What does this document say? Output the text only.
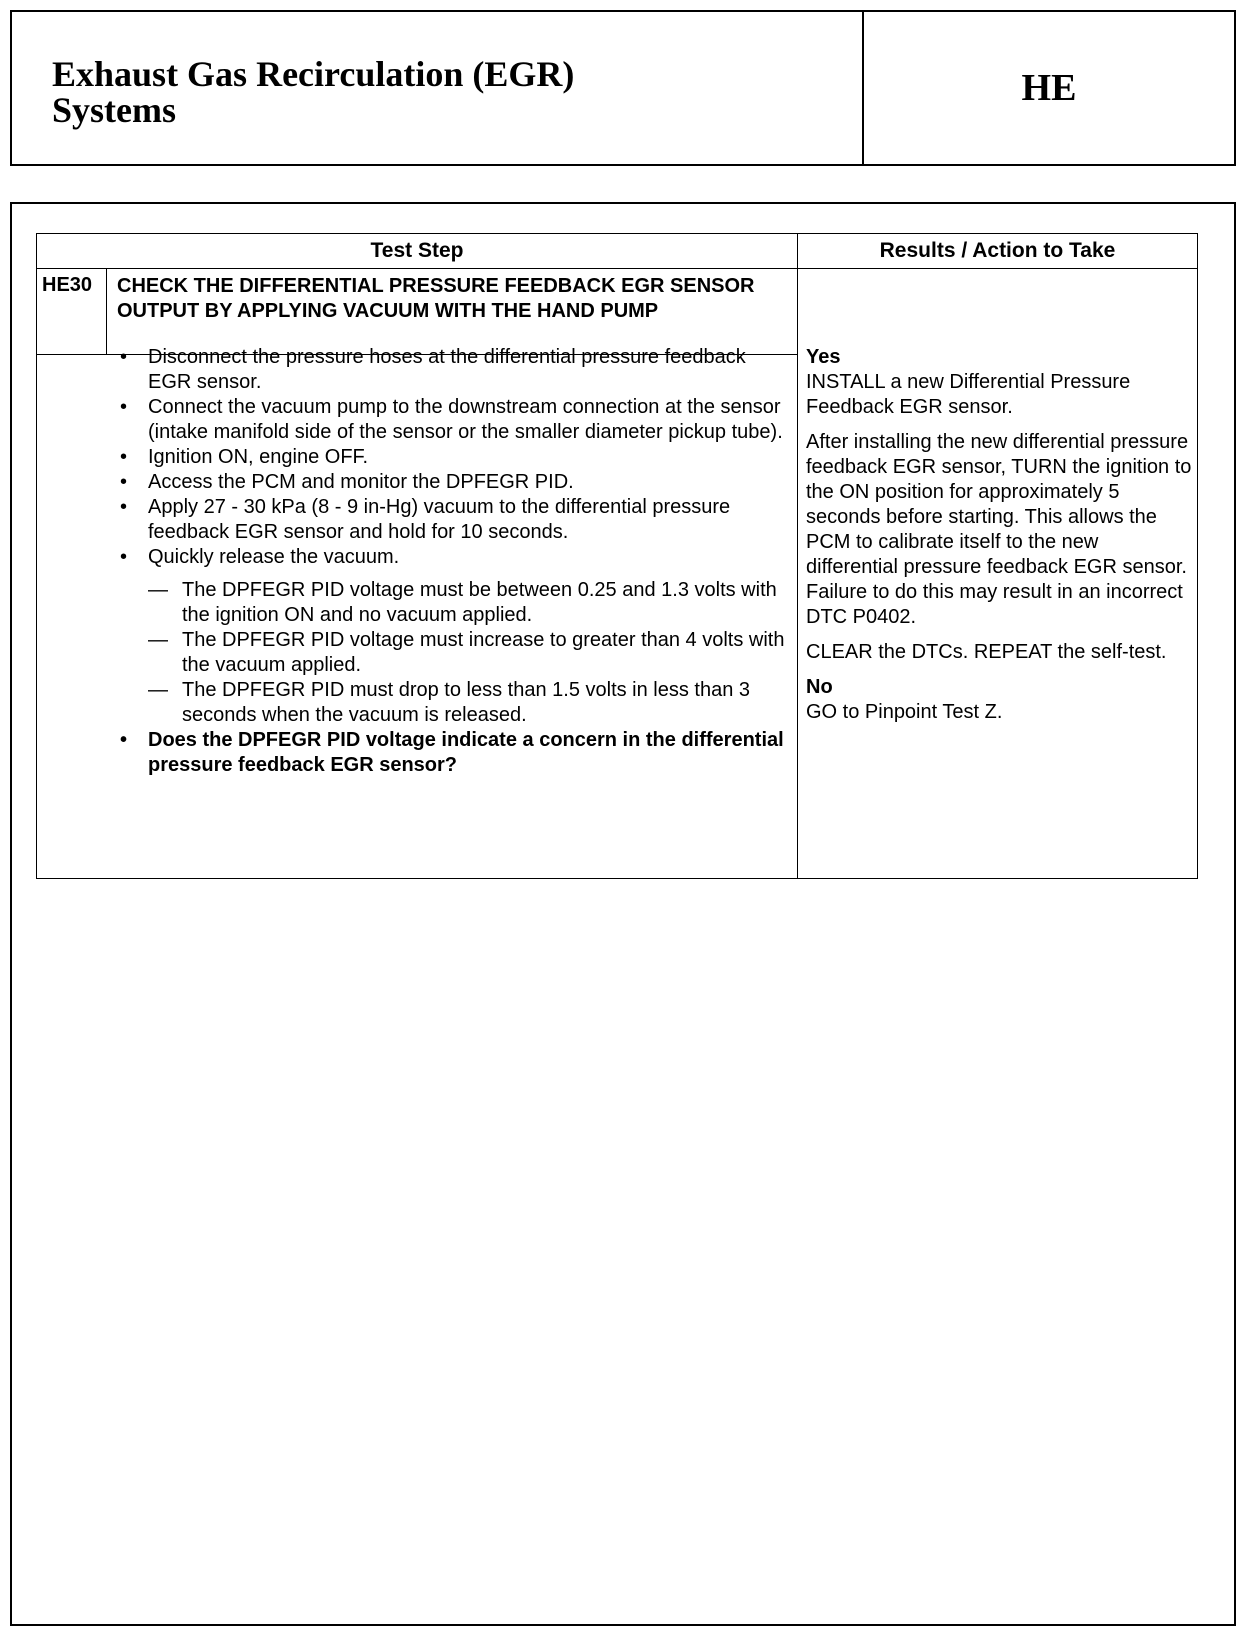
Exhaust Gas Recirculation (EGR)
Systems
HE
Test Step	Results / Action to Take
HE30 CHECK THE DIFFERENTIAL PRESSURE FEEDBACK EGR SENSOR OUTPUT BY APPLYING VACUUM WITH THE HAND PUMP

• Disconnect the pressure hoses at the differential pressure feedback EGR sensor.
• Connect the vacuum pump to the downstream connection at the sensor (intake manifold side of the sensor or the smaller diameter pickup tube).
• Ignition ON, engine OFF.
• Access the PCM and monitor the DPFEGR PID.
• Apply 27 - 30 kPa (8 - 9 in-Hg) vacuum to the differential pressure feedback EGR sensor and hold for 10 seconds.
• Quickly release the vacuum.
— The DPFEGR PID voltage must be between 0.25 and 1.3 volts with the ignition ON and no vacuum applied.
— The DPFEGR PID voltage must increase to greater than 4 volts with the vacuum applied.
— The DPFEGR PID must drop to less than 1.5 volts in less than 3 seconds when the vacuum is released.
• Does the DPFEGR PID voltage indicate a concern in the differential pressure feedback EGR sensor?

Yes

INSTALL a new Differential Pressure Feedback EGR sensor.

After installing the new differential pressure feedback EGR sensor, TURN the ignition to the ON position for approximately 5 seconds before starting. This allows the PCM to calibrate itself to the new differential pressure feedback EGR sensor. Failure to do this may result in an incorrect DTC P0402.

CLEAR the DTCs. REPEAT the self-test.

No

GO to Pinpoint Test Z.
